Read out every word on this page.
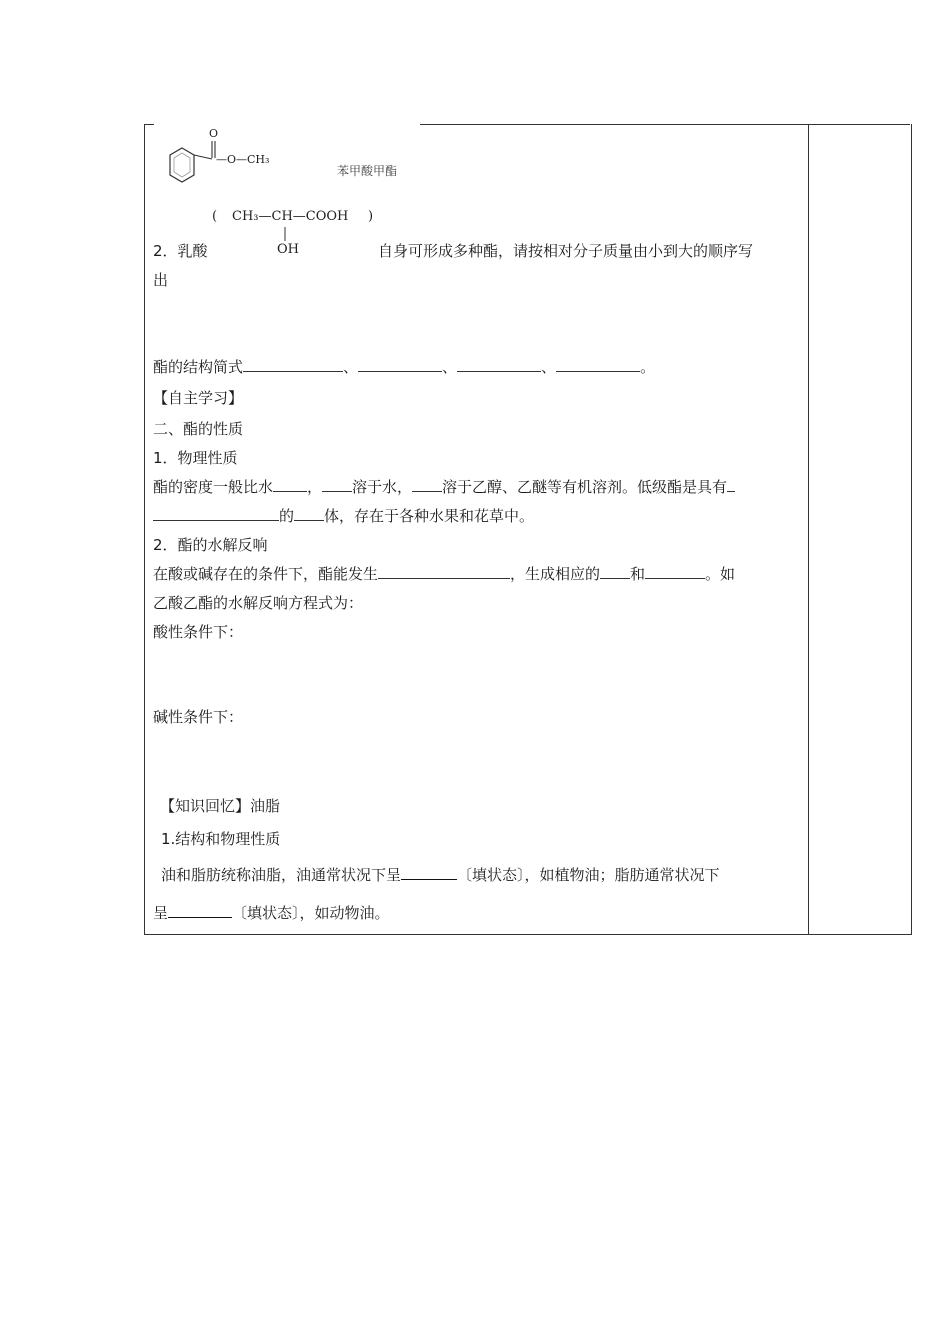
O
—O—CH₃
苯甲酸甲酯
( CH₃—CH—COOH )
OH
2．乳酸	自身可形成多种酯，请按相对分子质量由小到大的顺序写
出
酯的结构简式	、	、	、	。
【自主学习】
二、酯的性质
1．物理性质
酯的密度一般比水 ， 溶于水， 溶于乙醇、乙醚等有机溶剂。低级酯是具有
的 体，存在于各种水果和花草中。
2．酯的水解反响
在酸或碱存在的条件下，酯能发生	，生成相应的 和	。如
乙酸乙酯的水解反响方程式为：
酸性条件下：
碱性条件下：
【知识回忆】油脂
1.结构和物理性质
油和脂肪统称油脂，油通常状况下呈	〔填状态〕，如植物油；脂肪通常状况下
呈	〔填状态〕，如动物油。
